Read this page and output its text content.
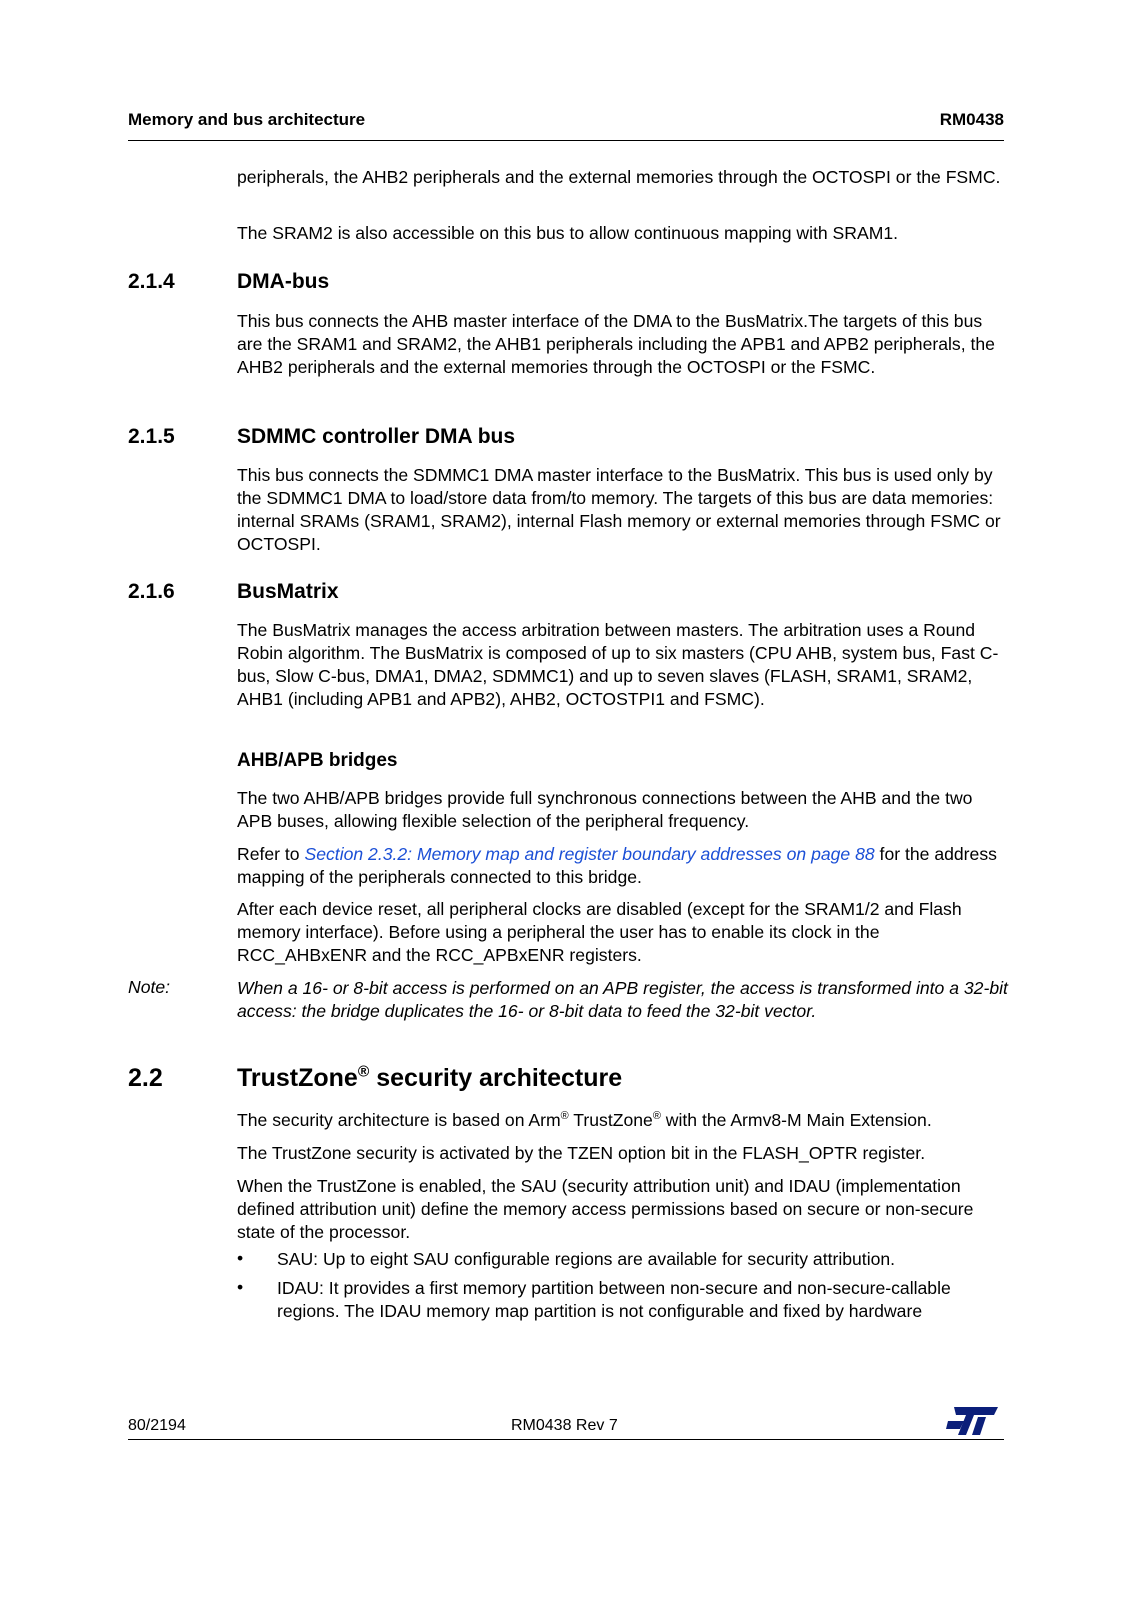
Memory and bus architecture	RM0438

peripherals, the AHB2 peripherals and the external memories through the OCTOSPI or the FSMC.

The SRAM2 is also accessible on this bus to allow continuous mapping with SRAM1.

2.1.4	DMA-bus

This bus connects the AHB master interface of the DMA to the BusMatrix.The targets of this bus are the SRAM1 and SRAM2, the AHB1 peripherals including the APB1 and APB2 peripherals, the AHB2 peripherals and the external memories through the OCTOSPI or the FSMC.

2.1.5	SDMMC controller DMA bus

This bus connects the SDMMC1 DMA master interface to the BusMatrix. This bus is used only by the SDMMC1 DMA to load/store data from/to memory. The targets of this bus are data memories: internal SRAMs (SRAM1, SRAM2), internal Flash memory or external memories through FSMC or OCTOSPI.

2.1.6	BusMatrix

The BusMatrix manages the access arbitration between masters. The arbitration uses a Round Robin algorithm. The BusMatrix is composed of up to six masters (CPU AHB, system bus, Fast C-bus, Slow C-bus, DMA1, DMA2, SDMMC1) and up to seven slaves (FLASH, SRAM1, SRAM2, AHB1 (including APB1 and APB2), AHB2, OCTOSTPI1 and FSMC).

AHB/APB bridges

The two AHB/APB bridges provide full synchronous connections between the AHB and the two APB buses, allowing flexible selection of the peripheral frequency.

Refer to Section 2.3.2: Memory map and register boundary addresses on page 88 for the address mapping of the peripherals connected to this bridge.

After each device reset, all peripheral clocks are disabled (except for the SRAM1/2 and Flash memory interface). Before using a peripheral the user has to enable its clock in the RCC_AHBxENR and the RCC_APBxENR registers.

Note:	When a 16- or 8-bit access is performed on an APB register, the access is transformed into a 32-bit access: the bridge duplicates the 16- or 8-bit data to feed the 32-bit vector.

2.2	TrustZone® security architecture

The security architecture is based on Arm® TrustZone® with the Armv8-M Main Extension.

The TrustZone security is activated by the TZEN option bit in the FLASH_OPTR register.

When the TrustZone is enabled, the SAU (security attribution unit) and IDAU (implementation defined attribution unit) define the memory access permissions based on secure or non-secure state of the processor.

• SAU: Up to eight SAU configurable regions are available for security attribution.

• IDAU: It provides a first memory partition between non-secure and non-secure-callable regions. The IDAU memory map partition is not configurable and fixed by hardware

80/2194	RM0438 Rev 7
